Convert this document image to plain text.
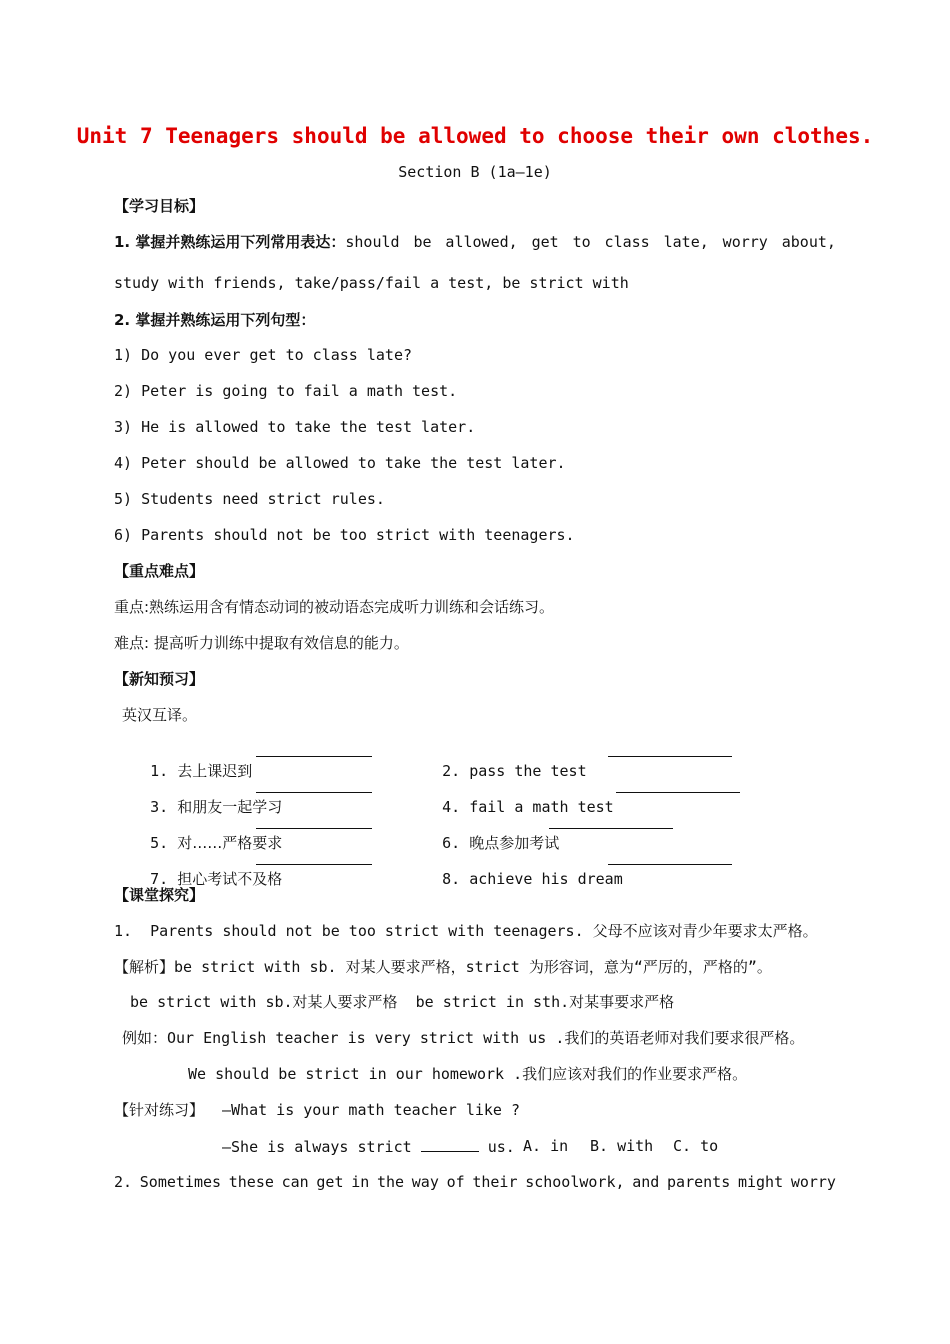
Unit 7 Teenagers should be allowed to choose their own clothes.
Section B (1a—1e)
【学习目标】
1. 掌握并熟练运用下列常用表达： should be allowed, get to class late, worry about,
study with friends, take/pass/fail a test, be strict with
2. 掌握并熟练运用下列句型：
1) Do you ever get to class late?
2) Peter is going to fail a math test.
3) He is allowed to take the test later.
4) Peter should be allowed to take the test later.
5) Students need strict rules.
6) Parents should not be too strict with teenagers.
【重点难点】
重点:熟练运用含有情态动词的被动语态完成听力训练和会话练习。
难点: 提高听力训练中提取有效信息的能力。
【新知预习】
英汉互译。

1. 去上课迟到
	2. pass the test

3. 和朋友一起学习
	4. fail a math test

5. 对……严格要求
	6. 晚点参加考试

7. 担心考试不及格
	8. achieve his dream

【课堂探究】
1.  Parents should not be too strict with teenagers. 父母不应该对青少年要求太严格。
【解析】be strict with sb. 对某人要求严格，strict 为形容词，意为“严厉的，严格的”。
be strict with sb.对某人要求严格  be strict in sth.对某事要求严格
例如：Our English teacher is very strict with us .我们的英语老师对我们要求很严格。
We should be strict in our homework .我们应该对我们的作业要求严格。
【针对练习】 —What is your math teacher like ?
—She is always strict	us. A. in B. with C. to
2. Sometimes these can get in the way of their schoolwork, and parents might worry
